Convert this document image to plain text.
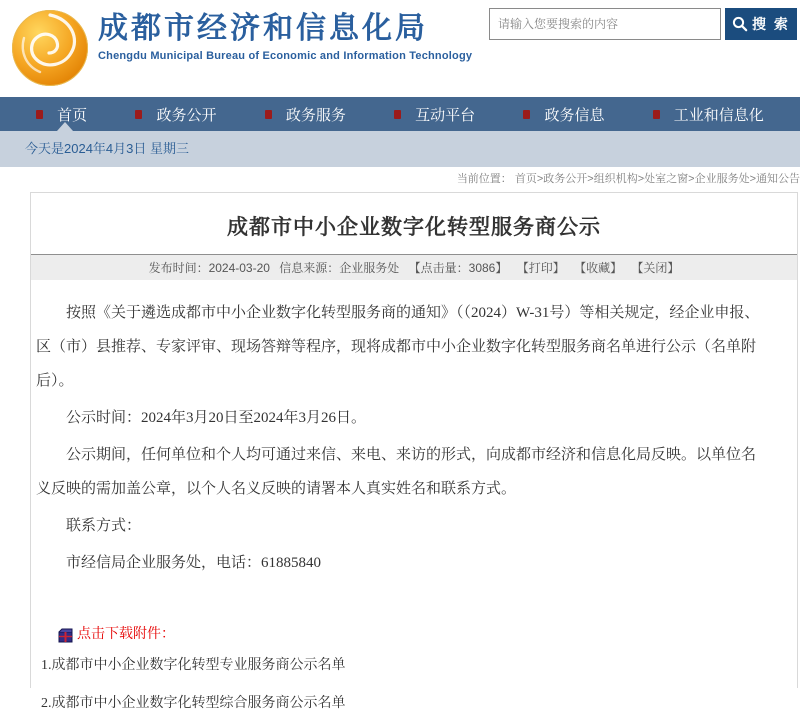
成都市经济和信息化局
Chengdu Municipal Bureau of Economic and Information Technology
请输入您要搜索的内容
搜 索
首页	政务公开	政务服务	互动平台	政务信息	工业和信息化
今天是2024年4月3日 星期三
当前位置： 首页>政务公开>组织机构>处室之窗>企业服务处>通知公告
成都市中小企业数字化转型服务商公示
发布时间：2024-03-20 信息来源：企业服务处 【点击量：3086】 【打印】 【收藏】 【关闭】

按照《关于遴选成都市中小企业数字化转型服务商的通知》（（2024）W-31号）等相关规定，经企业申报、区（市）县推荐、专家评审、现场答辩等程序，现将成都市中小企业数字化转型服务商名单进行公示（名单附后）。

公示时间：2024年3月20日至2024年3月26日。

公示期间，任何单位和个人均可通过来信、来电、来访的形式，向成都市经济和信息化局反映。以单位名义反映的需加盖公章，以个人名义反映的请署本人真实姓名和联系方式。

联系方式：

市经信局企业服务处，电话：61885840

点击下载附件：
1.成都市中小企业数字化转型专业服务商公示名单
2.成都市中小企业数字化转型综合服务商公示名单
